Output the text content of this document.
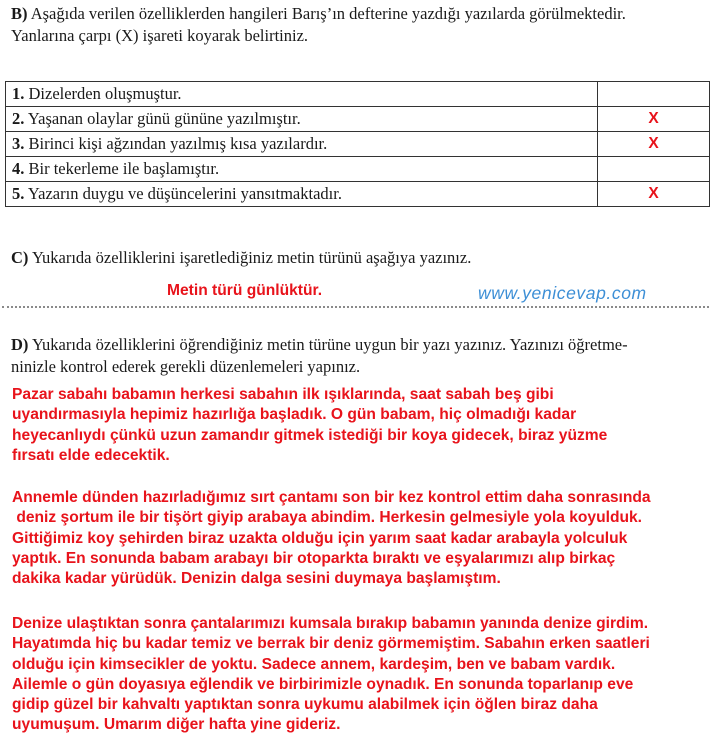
B) Aşağıda verilen özelliklerden hangileri Barış’ın defterine yazdığı yazılarda görülmektedir.

Yanlarına çarpı (X) işareti koyarak belirtiniz.

1. Dizelerden oluşmuştur.	
2. Yaşanan olaylar günü gününe yazılmıştır.	X
3. Birinci kişi ağzından yazılmış kısa yazılardır.	X
4. Bir tekerleme ile başlamıştır.	
5. Yazarın duygu ve düşüncelerini yansıtmaktadır.	X
C) Yukarıda özelliklerini işaretlediğiniz metin türünü aşağıya yazınız.
Metin türü günlüktür.	www.yenicevap.com

D) Yukarıda özelliklerini öğrendiğiniz metin türüne uygun bir yazı yazınız. Yazınızı öğretme-

ninizle kontrol ederek gerekli düzenlemeleri yapınız.

Pazar sabahı babamın herkesi sabahın ilk ışıklarında, saat sabah beş gibi

uyandırmasıyla hepimiz hazırlığa başladık. O gün babam, hiç olmadığı kadar

heyecanlıydı çünkü uzun zamandır gitmek istediği bir koya gidecek, biraz yüzme

fırsatı elde edecektik.

Annemle dünden hazırladığımız sırt çantamı son bir kez kontrol ettim daha sonrasında

deniz şortum ile bir tişört giyip arabaya abindim. Herkesin gelmesiyle yola koyulduk.

Gittiğimiz koy şehirden biraz uzakta olduğu için yarım saat kadar arabayla yolculuk

yaptık. En sonunda babam arabayı bir otoparkta bıraktı ve eşyalarımızı alıp birkaç

dakika kadar yürüdük. Denizin dalga sesini duymaya başlamıştım.

Denize ulaştıktan sonra çantalarımızı kumsala bırakıp babamın yanında denize girdim.

Hayatımda hiç bu kadar temiz ve berrak bir deniz görmemiştim. Sabahın erken saatleri

olduğu için kimsecikler de yoktu. Sadece annem, kardeşim, ben ve babam vardık.

Ailemle o gün doyasıya eğlendik ve birbirimizle oynadık. En sonunda toparlanıp eve

gidip güzel bir kahvaltı yaptıktan sonra uykumu alabilmek için öğlen biraz daha

uyumuşum. Umarım diğer hafta yine gideriz.
